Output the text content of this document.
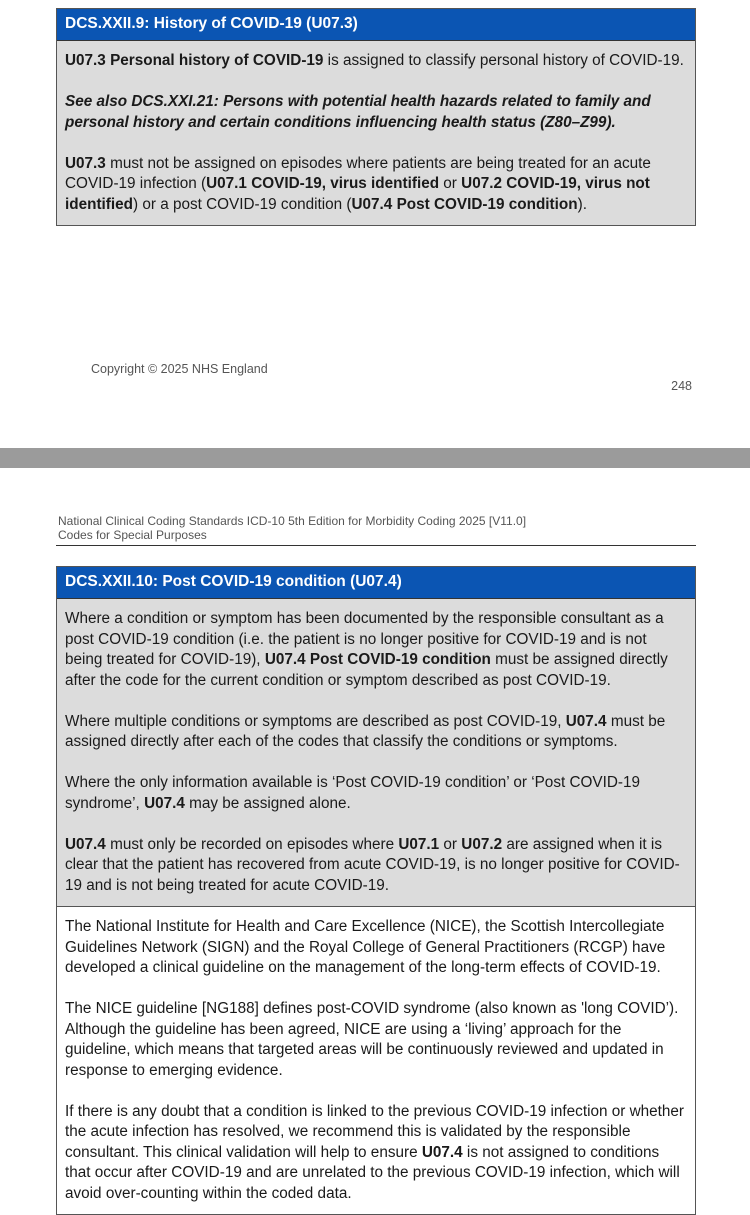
DCS.XXII.9: History of COVID-19 (U07.3)

U07.3 Personal history of COVID-19 is assigned to classify personal history of COVID-19.

See also DCS.XXI.21: Persons with potential health hazards related to family and personal history and certain conditions influencing health status (Z80–Z99).

U07.3 must not be assigned on episodes where patients are being treated for an acute COVID-19 infection (U07.1 COVID-19, virus identified or U07.2 COVID-19, virus not identified) or a post COVID-19 condition (U07.4 Post COVID-19 condition).

Copyright © 2025 NHS England
248
National Clinical Coding Standards ICD-10 5th Edition for Morbidity Coding 2025 [V11.0]
Codes for Special Purposes
DCS.XXII.10: Post COVID-19 condition (U07.4)

Where a condition or symptom has been documented by the responsible consultant as a post COVID-19 condition (i.e. the patient is no longer positive for COVID-19 and is not being treated for COVID-19), U07.4 Post COVID-19 condition must be assigned directly after the code for the current condition or symptom described as post COVID-19.

Where multiple conditions or symptoms are described as post COVID-19, U07.4 must be assigned directly after each of the codes that classify the conditions or symptoms.

Where the only information available is ‘Post COVID-19 condition’ or ‘Post COVID-19 syndrome’, U07.4 may be assigned alone.

U07.4 must only be recorded on episodes where U07.1 or U07.2 are assigned when it is clear that the patient has recovered from acute COVID-19, is no longer positive for COVID-19 and is not being treated for acute COVID-19.

The National Institute for Health and Care Excellence (NICE), the Scottish Intercollegiate Guidelines Network (SIGN) and the Royal College of General Practitioners (RCGP) have developed a clinical guideline on the management of the long-term effects of COVID-19.

The NICE guideline [NG188] defines post-COVID syndrome (also known as 'long COVID’). Although the guideline has been agreed, NICE are using a ‘living’ approach for the guideline, which means that targeted areas will be continuously reviewed and updated in response to emerging evidence.

If there is any doubt that a condition is linked to the previous COVID-19 infection or whether the acute infection has resolved, we recommend this is validated by the responsible consultant. This clinical validation will help to ensure U07.4 is not assigned to conditions that occur after COVID-19 and are unrelated to the previous COVID-19 infection, which will avoid over-counting within the coded data.
